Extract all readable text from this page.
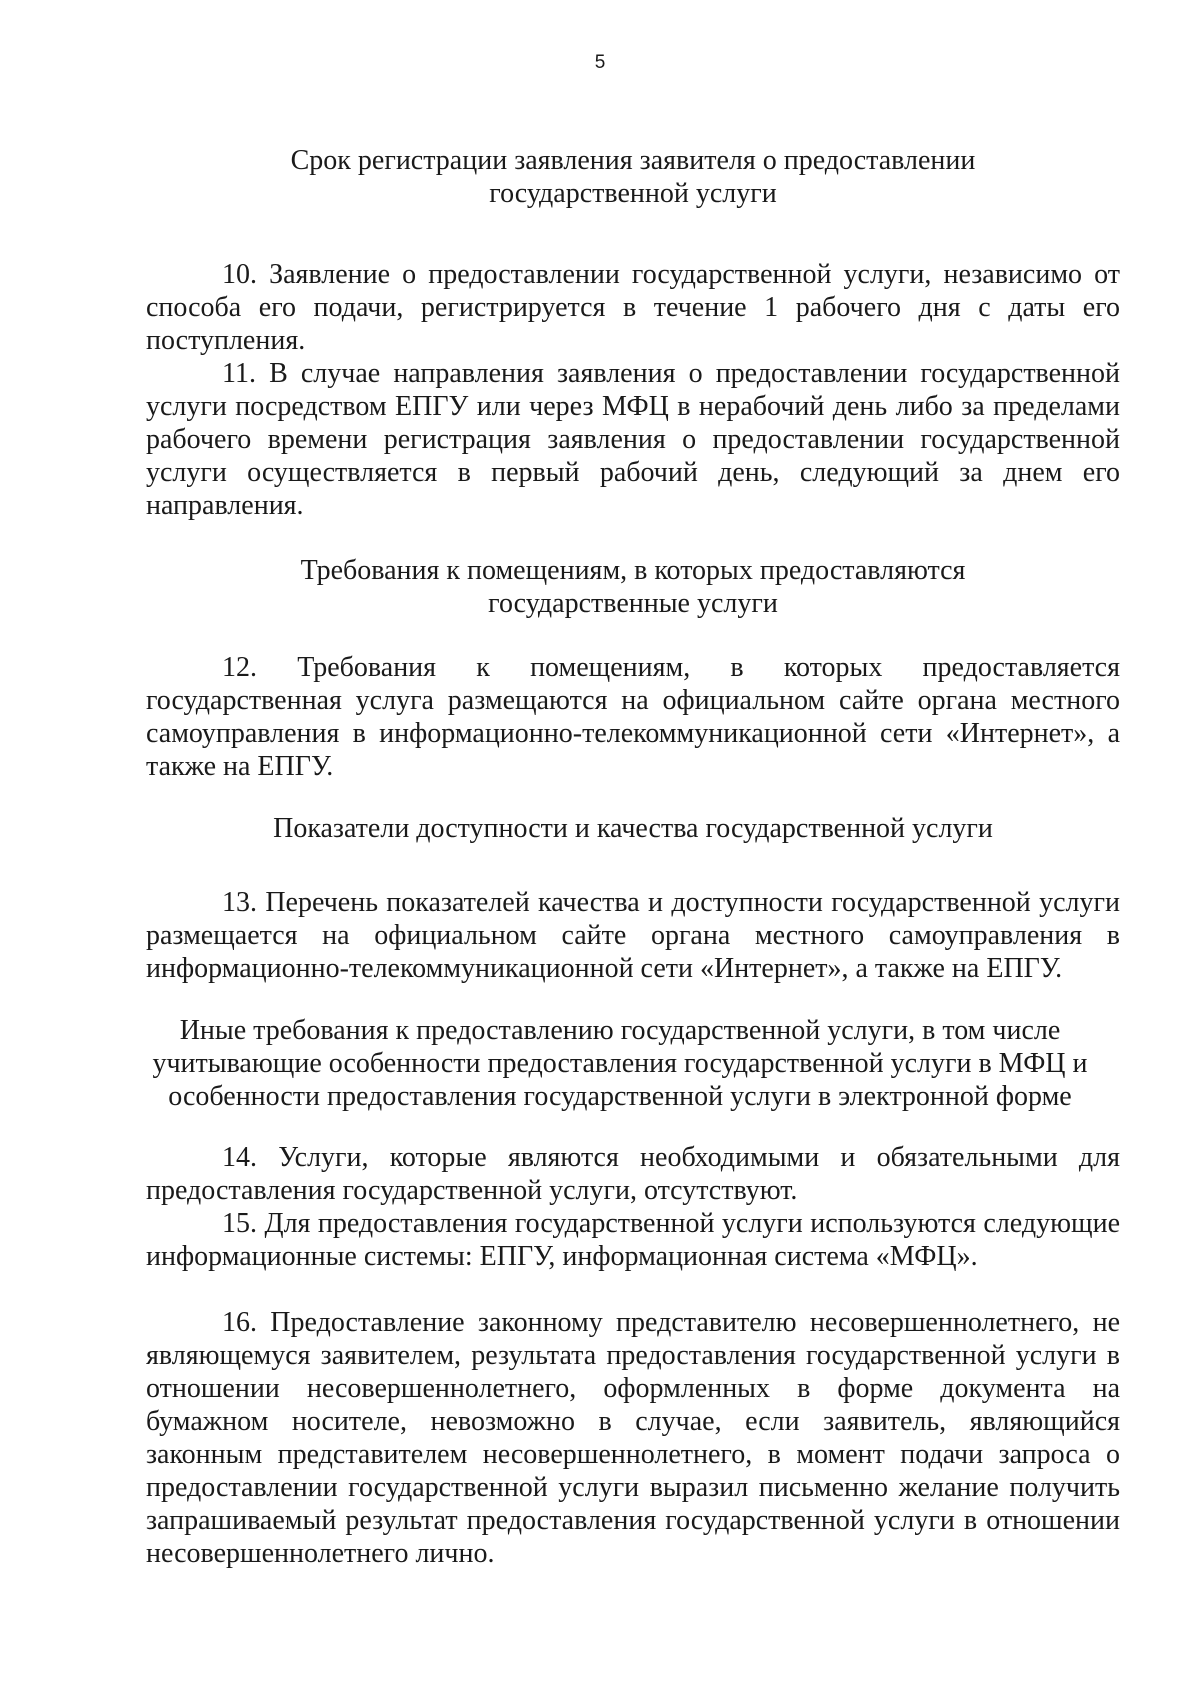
5
Срок регистрации заявления заявителя о предоставлении
государственной услуги

10. Заявление о предоставлении государственной услуги, независимо от способа его подачи, регистрируется в течение 1 рабочего дня с даты его поступления.

11. В случае направления заявления о предоставлении государственной услуги посредством ЕПГУ или через МФЦ в нерабочий день либо за пределами рабочего времени регистрация заявления о предоставлении государственной услуги осуществляется в первый рабочий день, следующий за днем его направления.

Требования к помещениям, в которых предоставляются
государственные услуги

12. Требования к помещениям, в которых предоставляется государственная услуга размещаются на официальном сайте органа местного самоуправления в информационно-телекоммуникационной сети «Интернет», а также на ЕПГУ.

Показатели доступности и качества государственной услуги

13. Перечень показателей качества и доступности государственной услуги размещается на официальном сайте органа местного самоуправления в информационно-телекоммуникационной сети «Интернет», а также на ЕПГУ.

Иные требования к предоставлению государственной услуги, в том числе
учитывающие особенности предоставления государственной услуги в МФЦ и
особенности предоставления государственной услуги в электронной форме

14. Услуги, которые являются необходимыми и обязательными для предоставления государственной услуги, отсутствуют.

15. Для предоставления государственной услуги используются следующие информационные системы: ЕПГУ, информационная система «МФЦ».

16. Предоставление законному представителю несовершеннолетнего, не являющемуся заявителем, результата предоставления государственной услуги в отношении несовершеннолетнего, оформленных в форме документа на бумажном носителе, невозможно в случае, если заявитель, являющийся законным представителем несовершеннолетнего, в момент подачи запроса о предоставлении государственной услуги выразил письменно желание получить запрашиваемый результат предоставления государственной услуги в отношении несовершеннолетнего лично.
